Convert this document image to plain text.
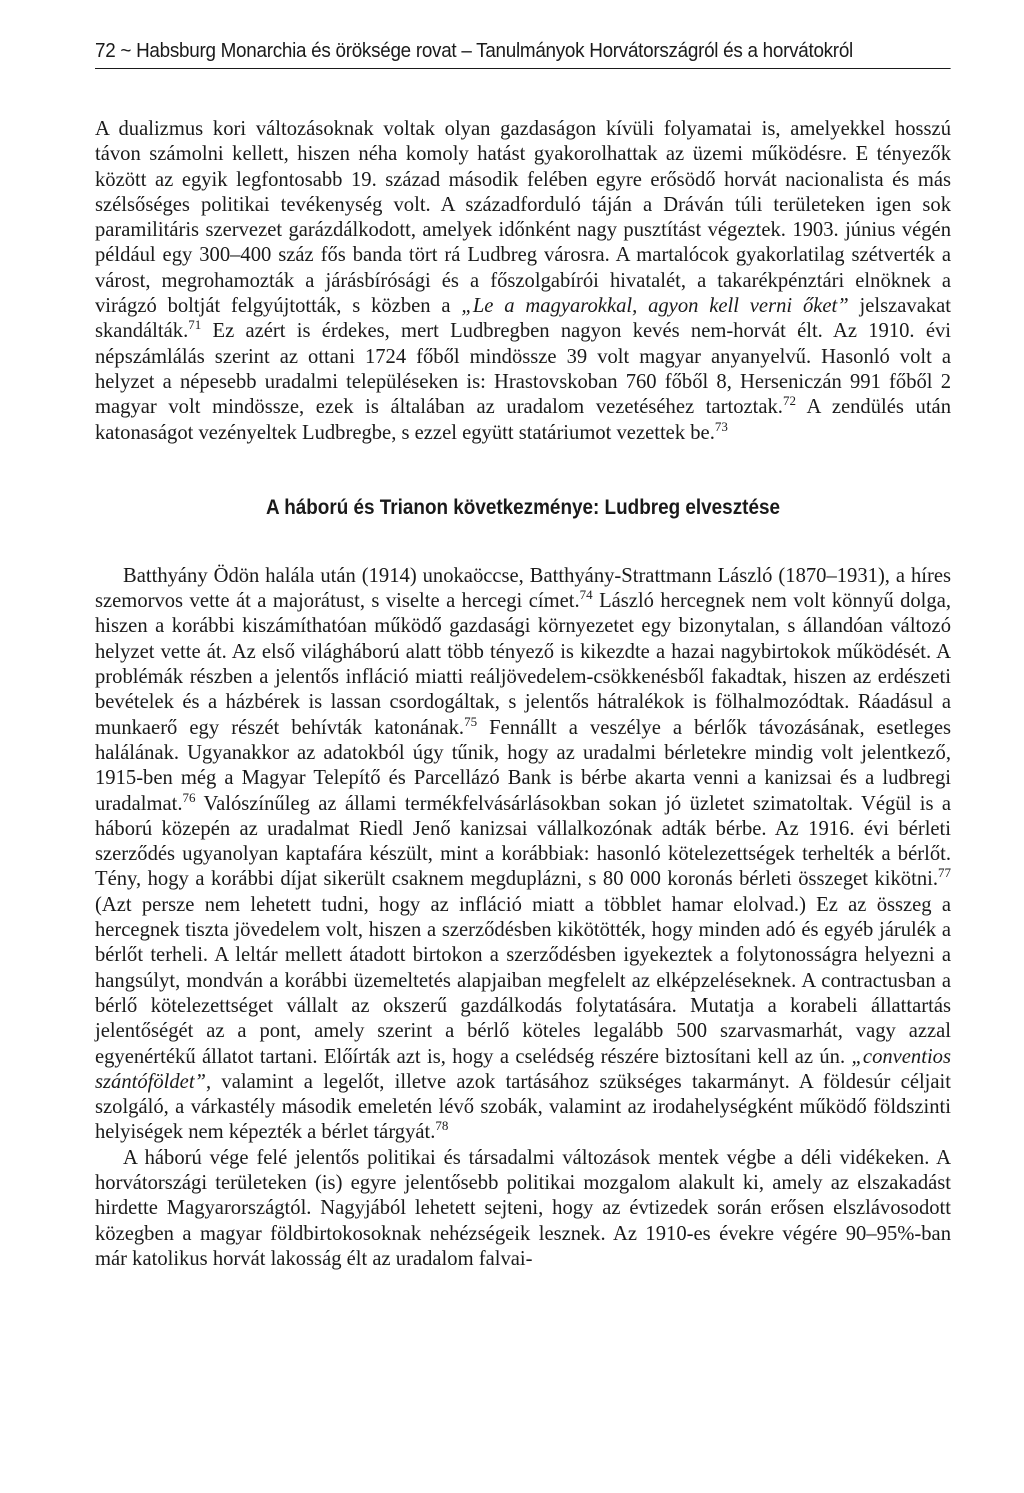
72 ~ Habsburg Monarchia és öröksége rovat – Tanulmányok Horvátországról és a horvátokról

A dualizmus kori változásoknak voltak olyan gazdaságon kívüli folyamatai is, amelyekkel hosszú távon számolni kellett, hiszen néha komoly hatást gyakorolhattak az üzemi működésre. E tényezők között az egyik legfontosabb 19. század második felében egyre erősödő horvát nacionalista és más szélsőséges politikai tevékenység volt. A századforduló táján a Dráván túli területeken igen sok paramilitáris szervezet garázdálkodott, amelyek időnként nagy pusztítást végeztek. 1903. június végén például egy 300–400 száz fős banda tört rá Ludbreg városra. A martalócok gyakorlatilag szétverték a várost, megrohamozták a járásbírósági és a főszolgabírói hivatalét, a takarékpénztári elnöknek a virágzó boltját felgyújtották, s közben a „Le a magyarokkal, agyon kell verni őket” jelszavakat skandálták.$^{71}$ Ez azért is érdekes, mert Ludbregben nagyon kevés nem-horvát élt. Az 1910. évi népszámlálás szerint az ottani 1724 főből mindössze 39 volt magyar anyanyelvű. Hasonló volt a helyzet a népesebb uradalmi településeken is: Hrastovskoban 760 főből 8, Herseniczán 991 főből 2 magyar volt mindössze, ezek is általában az uradalom vezetéséhez tartoztak.$^{72}$ A zendülés után katonaságot vezényeltek Ludbregbe, s ezzel együtt statáriumot vezettek be.$^{73}$

A háború és Trianon következménye: Ludbreg elvesztése

Batthyány Ödön halála után (1914) unokaöccse, Batthyány-Strattmann László (1870–1931), a híres szemorvos vette át a majorátust, s viselte a hercegi címet.$^{74}$ László hercegnek nem volt könnyű dolga, hiszen a korábbi kiszámíthatóan működő gazdasági környezetet egy bizonytalan, s állandóan változó helyzet vette át. Az első világháború alatt több tényező is kikezdte a hazai nagybirtokok működését. A problémák részben a jelentős infláció miatti reáljövedelem-csökkenésből fakadtak, hiszen az erdészeti bevételek és a házbérek is lassan csordogáltak, s jelentős hátralékok is fölhalmozódtak. Ráadásul a munkaerő egy részét behívták katonának.$^{75}$ Fennállt a veszélye a bérlők távozásának, esetleges halálának. Ugyanakkor az adatokból úgy tűnik, hogy az uradalmi bérletekre mindig volt jelentkező, 1915-ben még a Magyar Telepítő és Parcellázó Bank is bérbe akarta venni a kanizsai és a ludbregi uradalmat.$^{76}$ Valószínűleg az állami termékfelvásárlásokban sokan jó üzletet szimatoltak. Végül is a háború közepén az uradalmat Riedl Jenő kanizsai vállalkozónak adták bérbe. Az 1916. évi bérleti szerződés ugyanolyan kaptafára készült, mint a korábbiak: hasonló kötelezettségek terhelték a bérlőt. Tény, hogy a korábbi díjat sikerült csaknem megduplázni, s 80 000 koronás bérleti összeget kikötni.$^{77}$ (Azt persze nem lehetett tudni, hogy az infláció miatt a többlet hamar elolvad.) Ez az összeg a hercegnek tiszta jövedelem volt, hiszen a szerződésben kikötötték, hogy minden adó és egyéb járulék a bérlőt terheli. A leltár mellett átadott birtokon a szerződésben igyekeztek a folytonosságra helyezni a hangsúlyt, mondván a korábbi üzemeltetés alapjaiban megfelelt az elképzeléseknek. A contractusban a bérlő kötelezettséget vállalt az okszerű gazdálkodás folytatására. Mutatja a korabeli állattartás jelentőségét az a pont, amely szerint a bérlő köteles legalább 500 szarvasmarhát, vagy azzal egyenértékű állatot tartani. Előírták azt is, hogy a cselédség részére biztosítani kell az ún. „conventios szántóföldet”, valamint a legelőt, illetve azok tartásához szükséges takarmányt. A földesúr céljait szolgáló, a várkastély második emeletén lévő szobák, valamint az irodahelységként működő földszinti helyiségek nem képezték a bérlet tárgyát.$^{78}$

A háború vége felé jelentős politikai és társadalmi változások mentek végbe a déli vidékeken. A horvátországi területeken (is) egyre jelentősebb politikai mozgalom alakult ki, amely az elszakadást hirdette Magyarországtól. Nagyjából lehetett sejteni, hogy az évtizedek során erősen elszlávosodott közegben a magyar földbirtokosoknak nehézségeik lesznek. Az 1910-es évekre végére 90–95%-ban már katolikus horvát lakosság élt az uradalom falvai-
